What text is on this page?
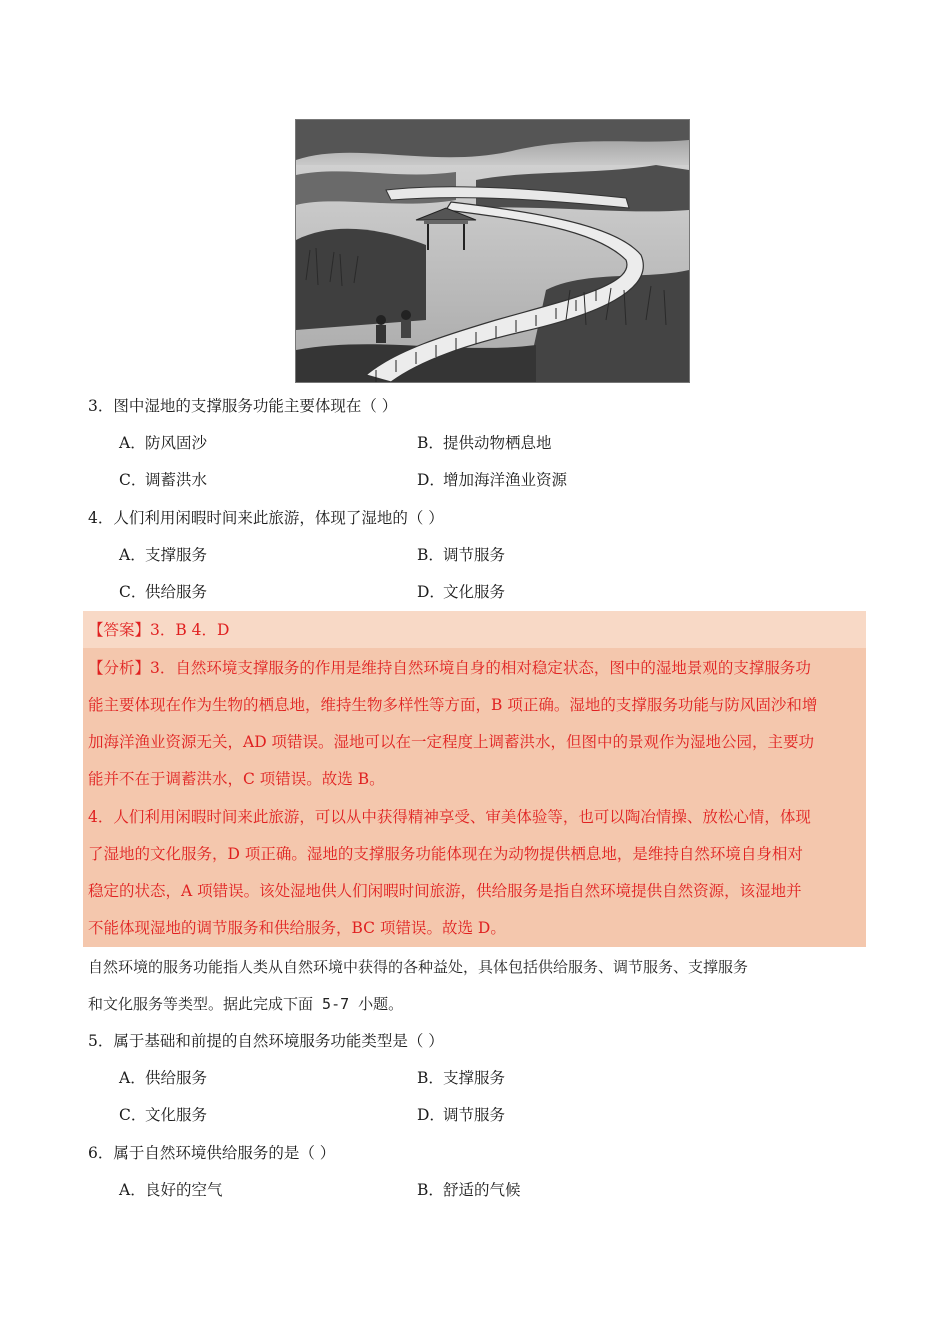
3．图中湿地的支撑服务功能主要体现在（ ）
A．防风固沙	B．提供动物栖息地
C．调蓄洪水	D．增加海洋渔业资源
4．人们利用闲暇时间来此旅游，体现了湿地的（ ）
A．支撑服务	B．调节服务
C．供给服务	D．文化服务
【答案】3．B 4．D
【分析】3．自然环境支撑服务的作用是维持自然环境自身的相对稳定状态，图中的湿地景观的支撑服务功
能主要体现在作为生物的栖息地，维持生物多样性等方面，B 项正确。湿地的支撑服务功能与防风固沙和增
加海洋渔业资源无关，AD 项错误。湿地可以在一定程度上调蓄洪水，但图中的景观作为湿地公园，主要功
能并不在于调蓄洪水，C 项错误。故选 B。
4．人们利用闲暇时间来此旅游，可以从中获得精神享受、审美体验等，也可以陶冶情操、放松心情，体现
了湿地的文化服务，D 项正确。湿地的支撑服务功能体现在为动物提供栖息地，是维持自然环境自身相对
稳定的状态，A 项错误。该处湿地供人们闲暇时间旅游，供给服务是指自然环境提供自然资源，该湿地并
不能体现湿地的调节服务和供给服务，BC 项错误。故选 D。
自然环境的服务功能指人类从自然环境中获得的各种益处，具体包括供给服务、调节服务、支撑服务
和文化服务等类型。据此完成下面 5-7 小题。
5．属于基础和前提的自然环境服务功能类型是（ ）
A．供给服务	B．支撑服务
C．文化服务	D．调节服务
6．属于自然环境供给服务的是（ ）
A．良好的空气	B．舒适的气候
